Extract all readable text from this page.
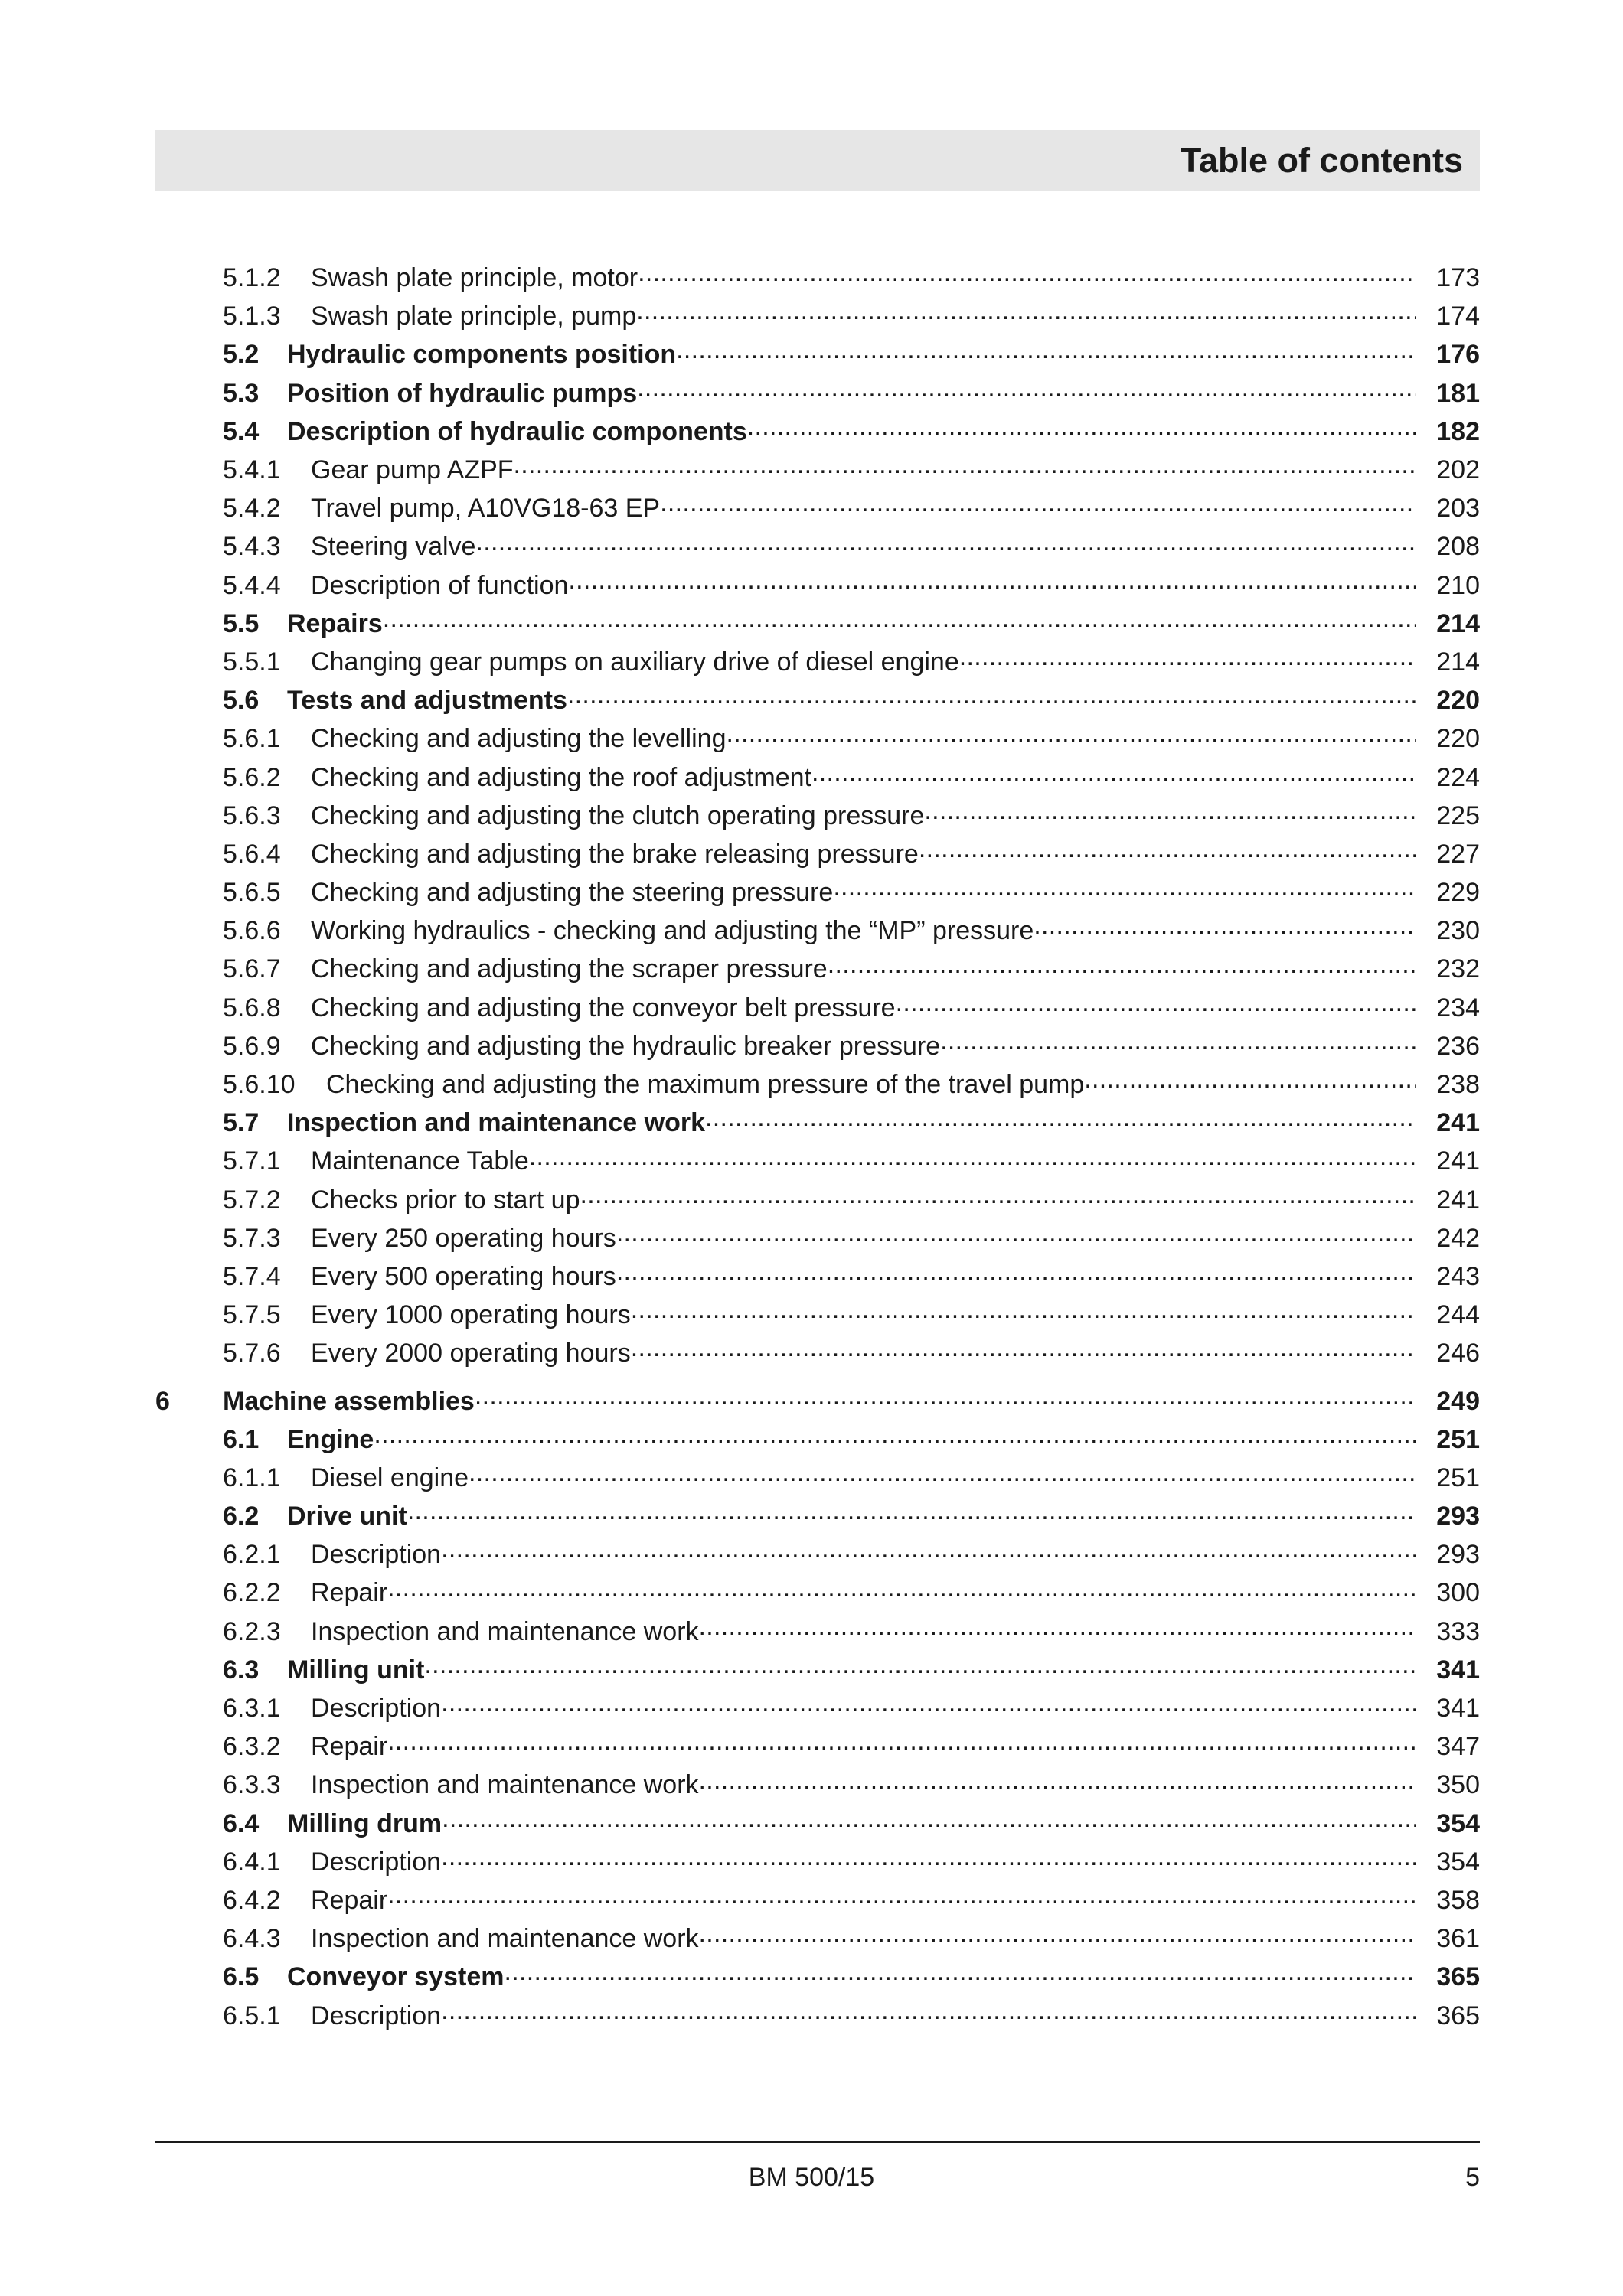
Table of contents
5.1.2	Swash plate principle, motor .....	173
5.1.3	Swash plate principle, pump .....	174
5.2	Hydraulic components position .....	176
5.3	Position of hydraulic pumps .....	181
5.4	Description of hydraulic components .....	182
5.4.1	Gear pump AZPF .....	202
5.4.2	Travel pump, A10VG18-63 EP .....	203
5.4.3	Steering valve .....	208
5.4.4	Description of function .....	210
5.5	Repairs .....	214
5.5.1	Changing gear pumps on auxiliary drive of diesel engine .....	214
5.6	Tests and adjustments .....	220
5.6.1	Checking and adjusting the levelling .....	220
5.6.2	Checking and adjusting the roof adjustment .....	224
5.6.3	Checking and adjusting the clutch operating pressure .....	225
5.6.4	Checking and adjusting the brake releasing pressure .....	227
5.6.5	Checking and adjusting the steering pressure .....	229
5.6.6	Working hydraulics - checking and adjusting the “MP” pressure .....	230
5.6.7	Checking and adjusting the scraper pressure .....	232
5.6.8	Checking and adjusting the conveyor belt pressure .....	234
5.6.9	Checking and adjusting the hydraulic breaker pressure .....	236
5.6.10	Checking and adjusting the maximum pressure of the travel pump .....	238
5.7	Inspection and maintenance work .....	241
5.7.1	Maintenance Table .....	241
5.7.2	Checks prior to start up .....	241
5.7.3	Every 250 operating hours .....	242
5.7.4	Every 500 operating hours .....	243
5.7.5	Every 1000 operating hours .....	244
5.7.6	Every 2000 operating hours .....	246
6	Machine assemblies .....	249
6.1	Engine .....	251
6.1.1	Diesel engine .....	251
6.2	Drive unit .....	293
6.2.1	Description .....	293
6.2.2	Repair .....	300
6.2.3	Inspection and maintenance work .....	333
6.3	Milling unit .....	341
6.3.1	Description .....	341
6.3.2	Repair .....	347
6.3.3	Inspection and maintenance work .....	350
6.4	Milling drum .....	354
6.4.1	Description .....	354
6.4.2	Repair .....	358
6.4.3	Inspection and maintenance work .....	361
6.5	Conveyor system .....	365
6.5.1	Description .....	365
BM 500/15	5
